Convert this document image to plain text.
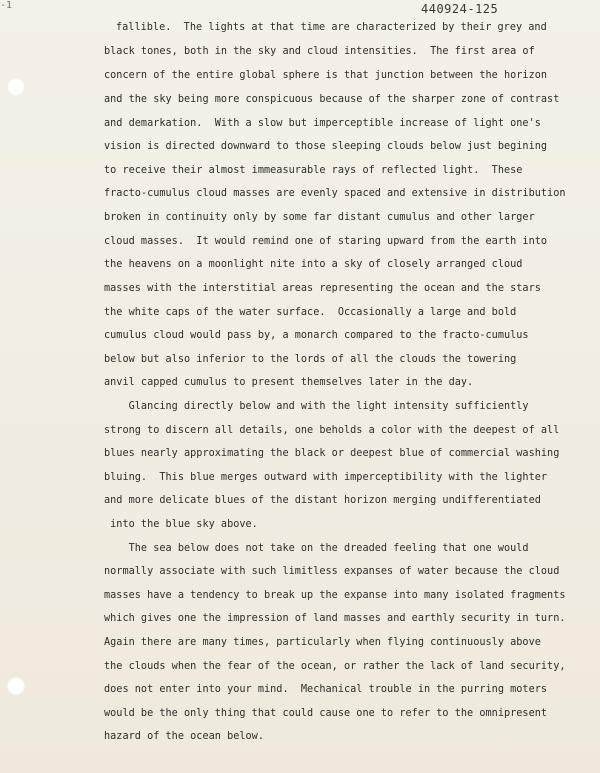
-1	440924-125
fallible.  The lights at that time are characterized by their grey and
black tones, both in the sky and cloud intensities.  The first area of
concern of the entire global sphere is that junction between the horizon
and the sky being more conspicuous because of the sharper zone of contrast
and demarkation.  With a slow but imperceptible increase of light one's
vision is directed downward to those sleeping clouds below just begining
to receive their almost immeasurable rays of reflected light.  These
fracto-cumulus cloud masses are evenly spaced and extensive in distribution
broken in continuity only by some far distant cumulus and other larger
cloud masses.  It would remind one of staring upward from the earth into
the heavens on a moonlight nite into a sky of closely arranged cloud
masses with the interstitial areas representing the ocean and the stars
the white caps of the water surface.  Occasionally a large and bold
cumulus cloud would pass by, a monarch compared to the fracto-cumulus
below but also inferior to the lords of all the clouds the towering
anvil capped cumulus to present themselves later in the day.
Glancing directly below and with the light intensity sufficiently
strong to discern all details, one beholds a color with the deepest of all
blues nearly approximating the black or deepest blue of commercial washing
bluing.  This blue merges outward with imperceptibility with the lighter
and more delicate blues of the distant horizon merging undifferentiated
into the blue sky above.
The sea below does not take on the dreaded feeling that one would
normally associate with such limitless expanses of water because the cloud
masses have a tendency to break up the expanse into many isolated fragments
which gives one the impression of land masses and earthly security in turn.
Again there are many times, particularly when flying continuously above
the clouds when the fear of the ocean, or rather the lack of land security,
does not enter into your mind.  Mechanical trouble in the purring moters
would be the only thing that could cause one to refer to the omnipresent
hazard of the ocean below.
